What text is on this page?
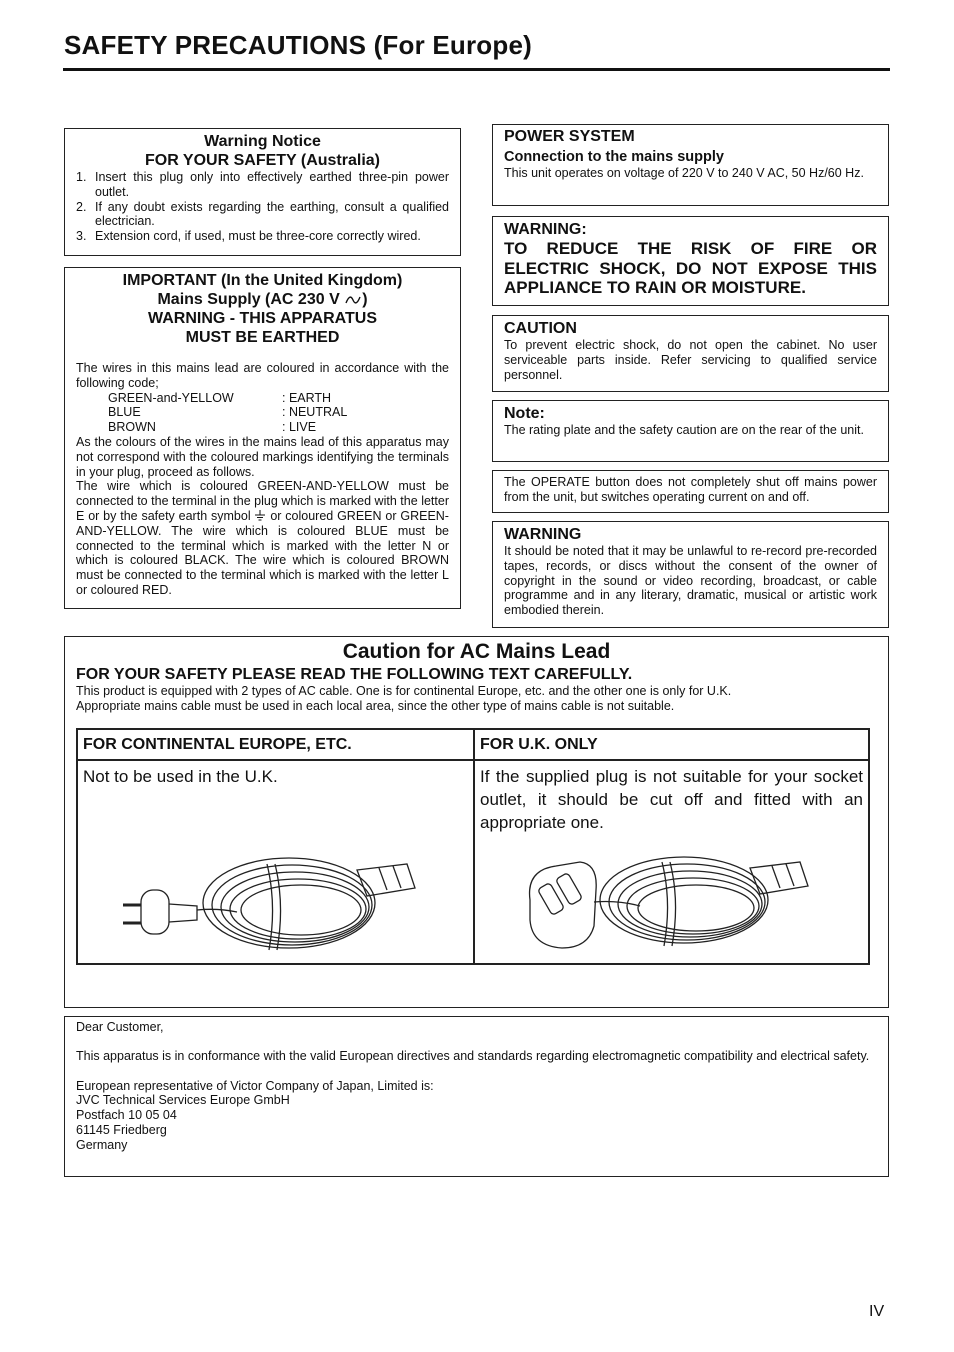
SAFETY PRECAUTIONS (For Europe)
Warning Notice
FOR YOUR SAFETY (Australia)
1. Insert this plug only into effectively earthed three-pin power outlet.
2. If any doubt exists regarding the earthing, consult a qualified electrician.
3. Extension cord, if used, must be three-core correctly wired.
IMPORTANT (In the United Kingdom)
Mains Supply (AC 230 V
)
WARNING - THIS APPARATUS
MUST BE EARTHED
The wires in this mains lead are coloured in accordance with the following code;
GREEN-and-YELLOW	: EARTH
BLUE	: NEUTRAL
BROWN	: LIVE
As the colours of the wires in the mains lead of this apparatus may not correspond with the coloured markings identifying the terminals in your plug, proceed as follows.
The wire which is coloured GREEN-AND-YELLOW must be connected to the terminal in the plug which is marked with the letter E or by the safety earth symbol or coloured GREEN or GREEN-AND-YELLOW. The wire which is coloured BLUE must be connected to the terminal which is marked with the letter N or which is coloured BLACK. The wire which is coloured BROWN must be connected to the terminal which is marked with the letter L or coloured RED.
POWER SYSTEM
Connection to the mains supply
This unit operates on voltage of 220 V to 240 V AC, 50 Hz/60 Hz.
WARNING:
TO REDUCE THE RISK OF FIRE OR ELECTRIC SHOCK, DO NOT EXPOSE THIS APPLIANCE TO RAIN OR MOISTURE.
CAUTION
To prevent electric shock, do not open the cabinet. No user serviceable parts inside. Refer servicing to qualified service personnel.
Note:
The rating plate and the safety caution are on the rear of the unit.
The OPERATE button does not completely shut off mains power from the unit, but switches operating current on and off.
WARNING
It should be noted that it may be unlawful to re-record pre-recorded tapes, records, or discs without the consent of the owner of copyright in the sound or video recording, broadcast, or cable programme and in any literary, dramatic, musical or artistic work embodied therein.
Caution for AC Mains Lead
FOR YOUR SAFETY PLEASE READ THE FOLLOWING TEXT CAREFULLY.
This product is equipped with 2 types of AC cable. One is for continental Europe, etc. and the other one is only for U.K.
Appropriate mains cable must be used in each local area, since the other type of mains cable is not suitable.
FOR CONTINENTAL EUROPE, ETC.	FOR U.K. ONLY

Not to be used in the U.K.	If the supplied plug is not suitable for your socket outlet, it should be cut off and fitted with an appropriate one.
Dear Customer,
This apparatus is in conformance with the valid European directives and standards regarding electromagnetic compatibility and electrical safety.
European representative of Victor Company of Japan, Limited is:
JVC Technical Services Europe GmbH
Postfach 10 05 04
61145 Friedberg
Germany
IV
